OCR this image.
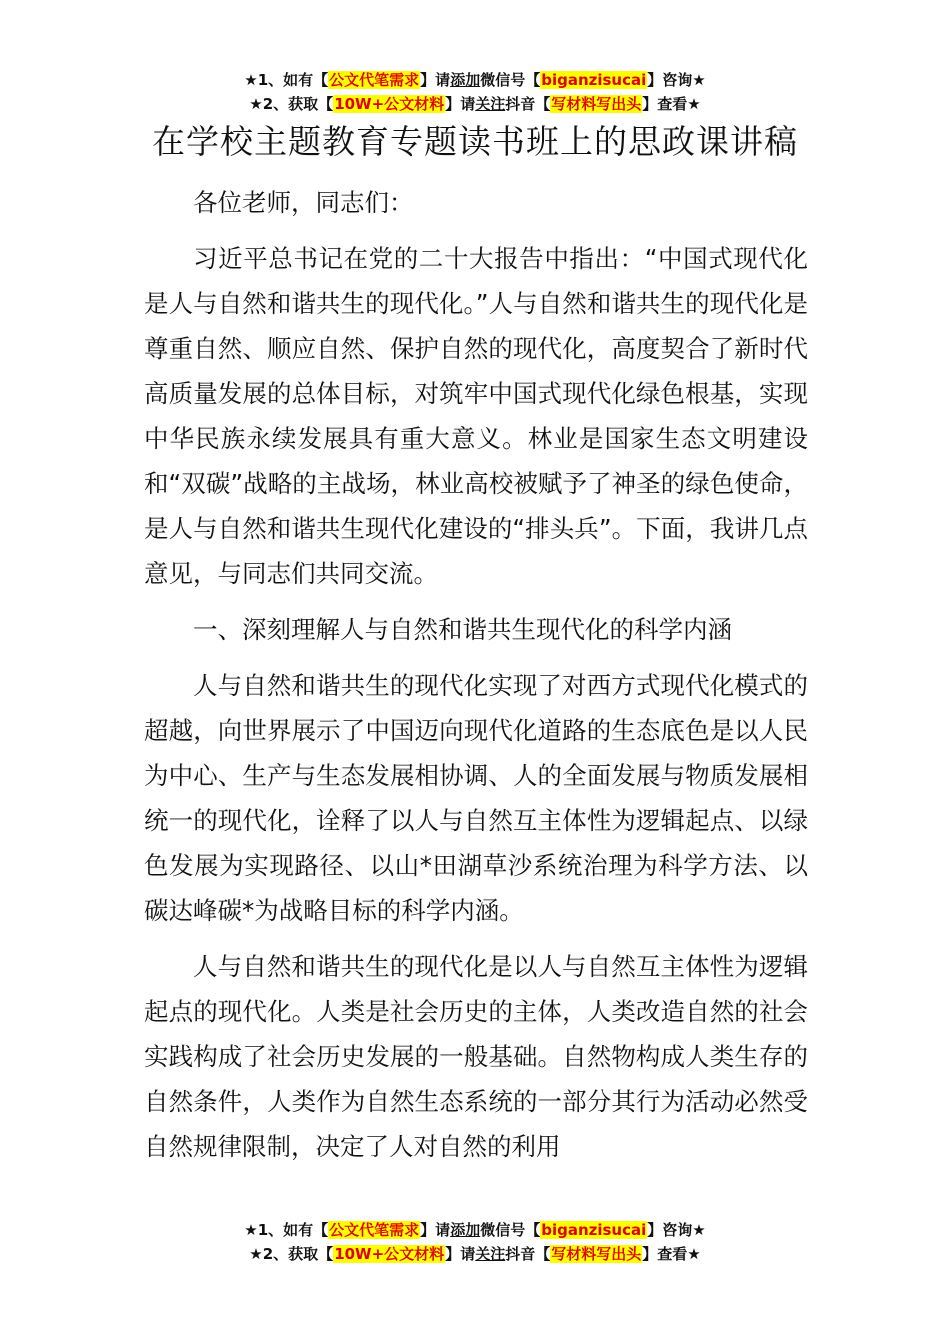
★1、如有【公文代笔需求】请添加微信号【biganzisucai】咨询★
★2、获取【10W+公文材料】请关注抖音【写材料写出头】查看★
在学校主题教育专题读书班上的思政课讲稿

各位老师，同志们：

习近平总书记在党的二十大报告中指出：“中国式现代化是人与自然和谐共生的现代化。”人与自然和谐共生的现代化是尊重自然、顺应自然、保护自然的现代化，高度契合了新时代高质量发展的总体目标，对筑牢中国式现代化绿色根基，实现中华民族永续发展具有重大意义。林业是国家生态文明建设和“双碳”战略的主战场，林业高校被赋予了神圣的绿色使命，是人与自然和谐共生现代化建设的“排头兵”。下面，我讲几点意见，与同志们共同交流。

一、深刻理解人与自然和谐共生现代化的科学内涵

人与自然和谐共生的现代化实现了对西方式现代化模式的超越，向世界展示了中国迈向现代化道路的生态底色是以人民为中心、生产与生态发展相协调、人的全面发展与物质发展相统一的现代化，诠释了以人与自然互主体性为逻辑起点、以绿色发展为实现路径、以山*田湖草沙系统治理为科学方法、以碳达峰碳*为战略目标的科学内涵。

人与自然和谐共生的现代化是以人与自然互主体性为逻辑起点的现代化。人类是社会历史的主体，人类改造自然的社会实践构成了社会历史发展的一般基础。自然物构成人类生存的自然条件，人类作为自然生态系统的一部分其行为活动必然受自然规律限制，决定了人对自然的利用

★1、如有【公文代笔需求】请添加微信号【biganzisucai】咨询★
★2、获取【10W+公文材料】请关注抖音【写材料写出头】查看★
